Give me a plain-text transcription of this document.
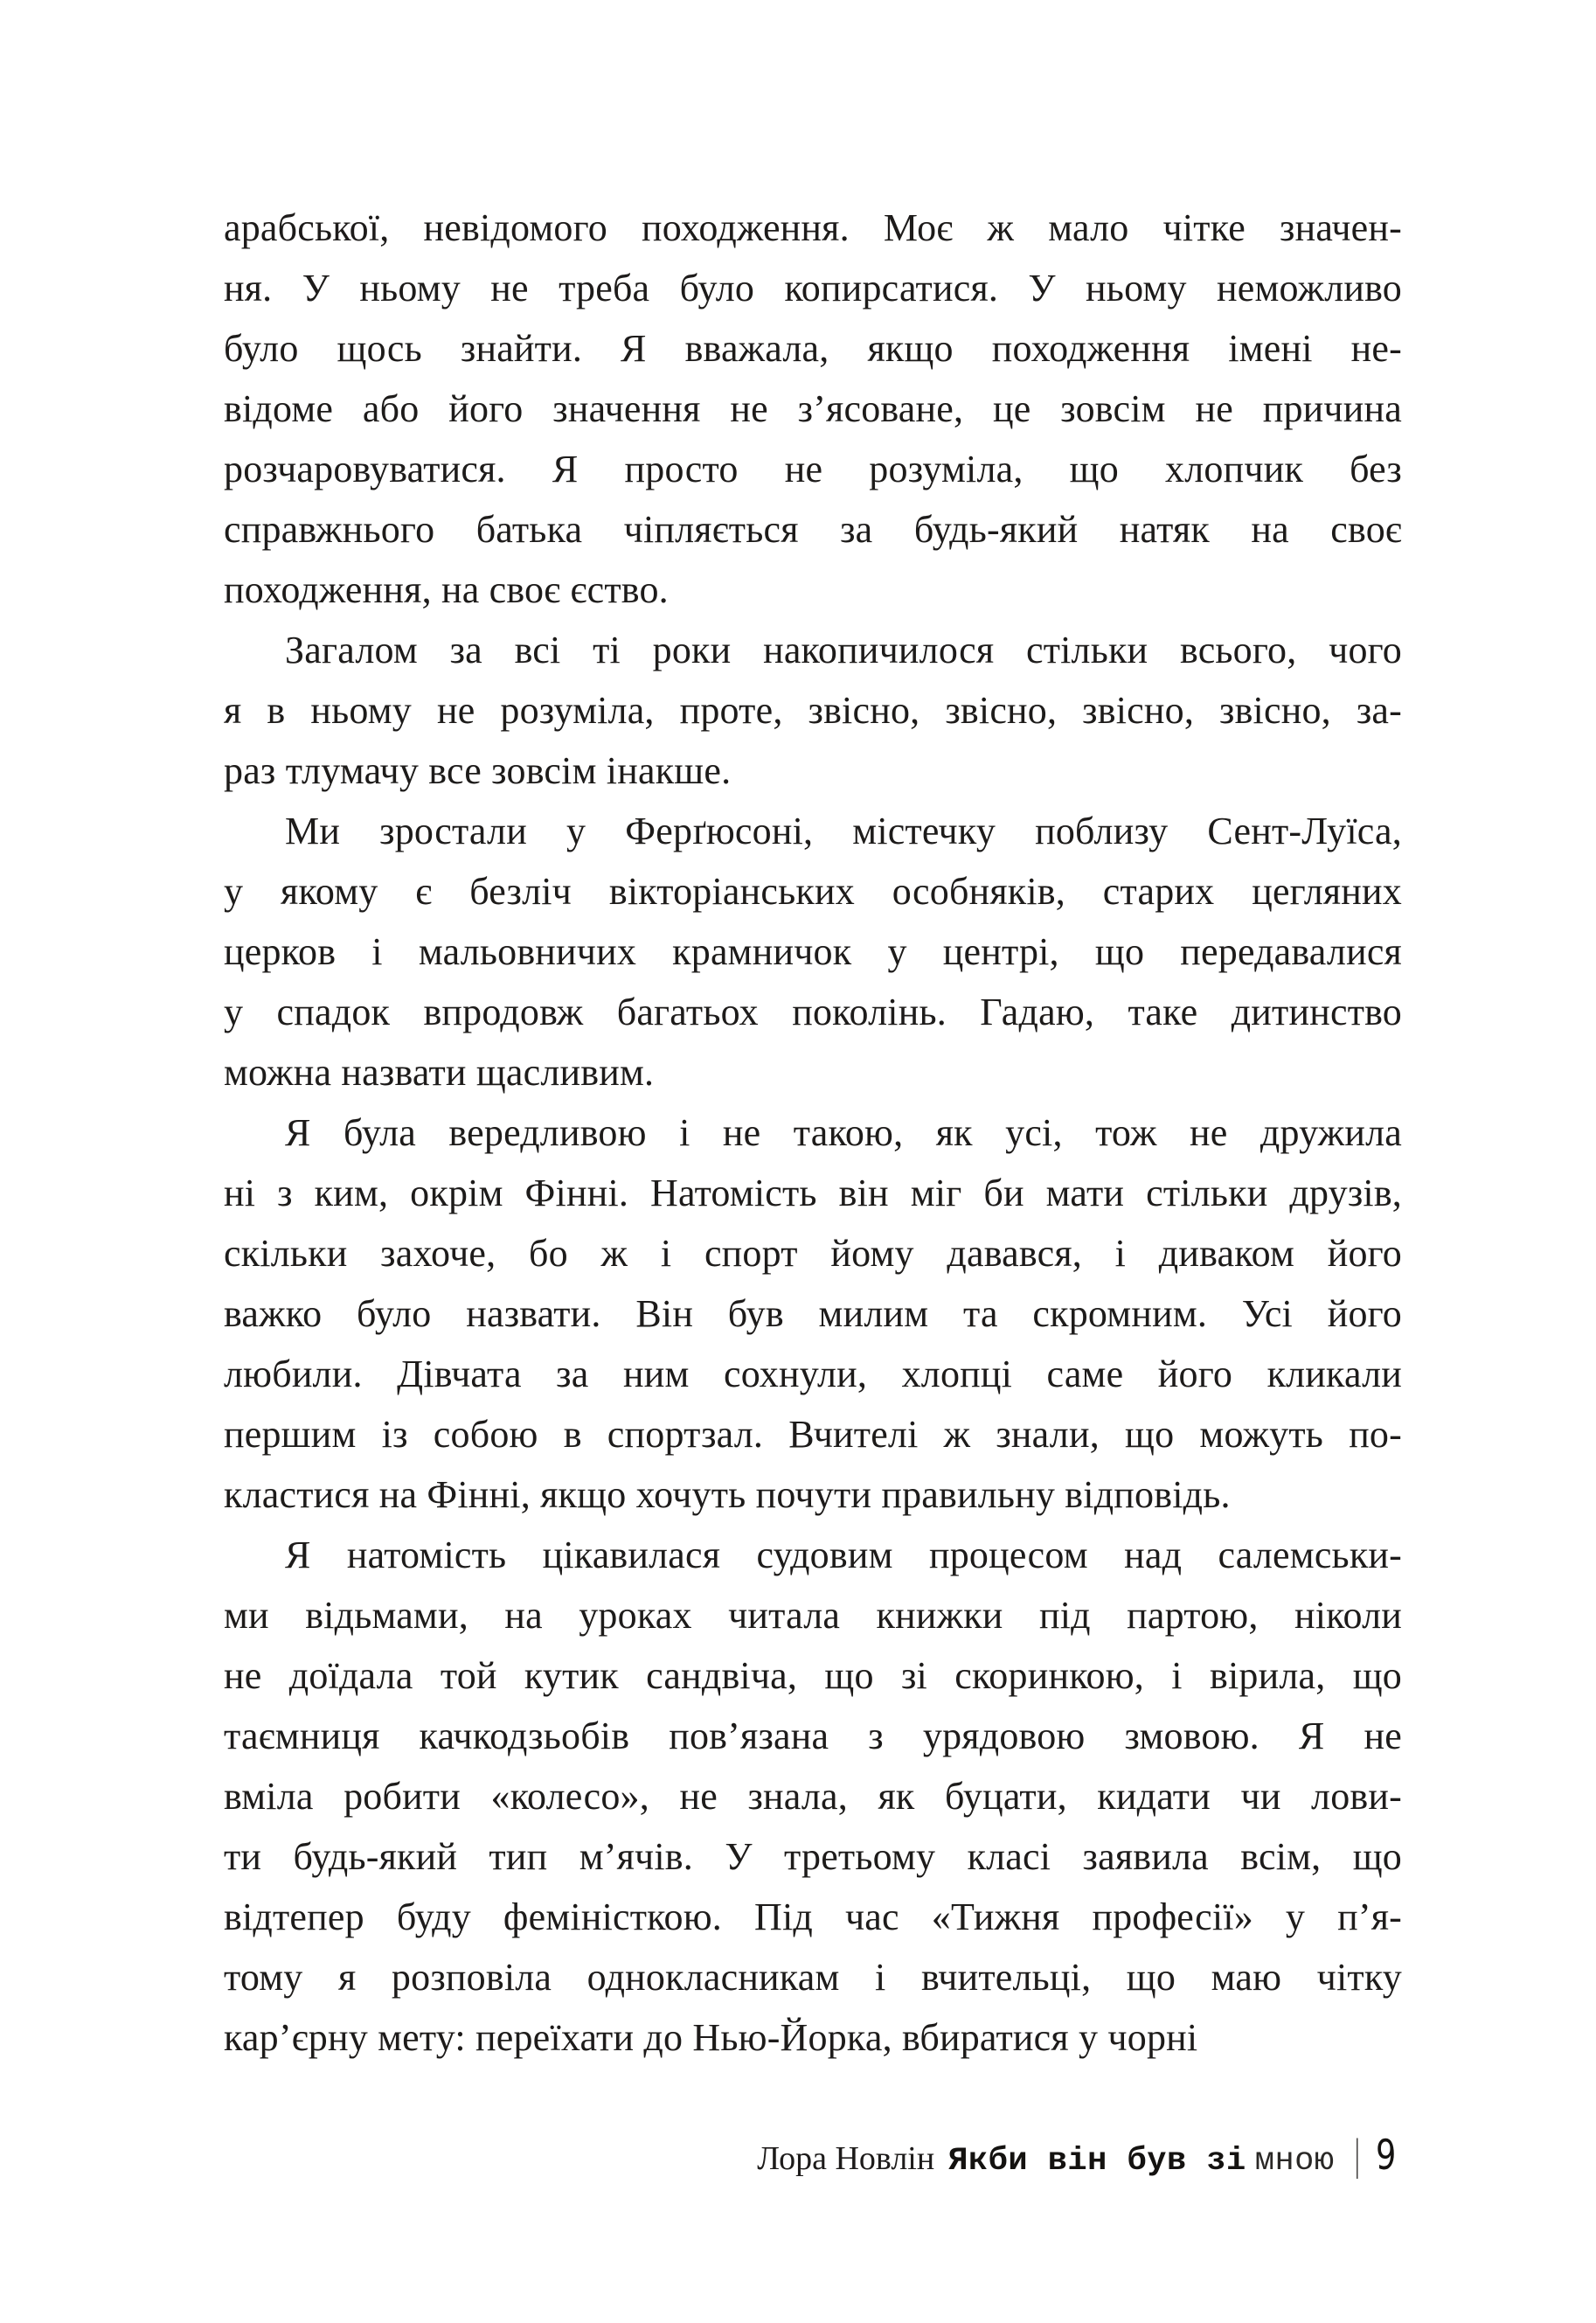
арабської, невідомого походження. Моє ж мало чітке значен-
ня. У ньому не треба було копирсатися. У ньому неможливо
було щось знайти. Я вважала, якщо походження імені не-
відоме або його значення не з’ясоване, це зовсім не причина
розчаровуватися. Я просто не розуміла, що хлопчик без
справжнього батька чіпляється за будь-який натяк на своє
походження, на своє єство.
Загалом за всі ті роки накопичилося стільки всього, чого
я в ньому не розуміла, проте, звісно, звісно, звісно, звісно, за-
раз тлумачу все зовсім інакше.
Ми зростали у Ферґюсоні, містечку поблизу Сент-Луїса,
у якому є безліч вікторіанських особняків, старих цегляних
церков і мальовничих крамничок у центрі, що передавалися
у спадок впродовж багатьох поколінь. Гадаю, таке дитинство
можна назвати щасливим.
Я була вередливою і не такою, як усі, тож не дружила
ні з ким, окрім Фінні. Натомість він міг би мати стільки друзів,
скільки захоче, бо ж і спорт йому давався, і диваком його
важко було назвати. Він був милим та скромним. Усі його
любили. Дівчата за ним сохнули, хлопці саме його кликали
першим із собою в спортзал. Вчителі ж знали, що можуть по-
кластися на Фінні, якщо хочуть почути правильну відповідь.
Я натомість цікавилася судовим процесом над салемськи-
ми відьмами, на уроках читала книжки під партою, ніколи
не доїдала той кутик сандвіча, що зі скоринкою, і вірила, що
таємниця качкодзьобів пов’язана з урядовою змовою. Я не
вміла робити «колесо», не знала, як буцати, кидати чи лови-
ти будь-який тип м’ячів. У третьому класі заявила всім, що
відтепер буду феміністкою. Під час «Тижня професії» у п’я-
тому я розповіла однокласникам і вчительці, що маю чітку
кар’єрну мету: переїхати до Нью-Йорка, вбиратися у чорні
Лора Новлін Якби він був зі мною | 9
